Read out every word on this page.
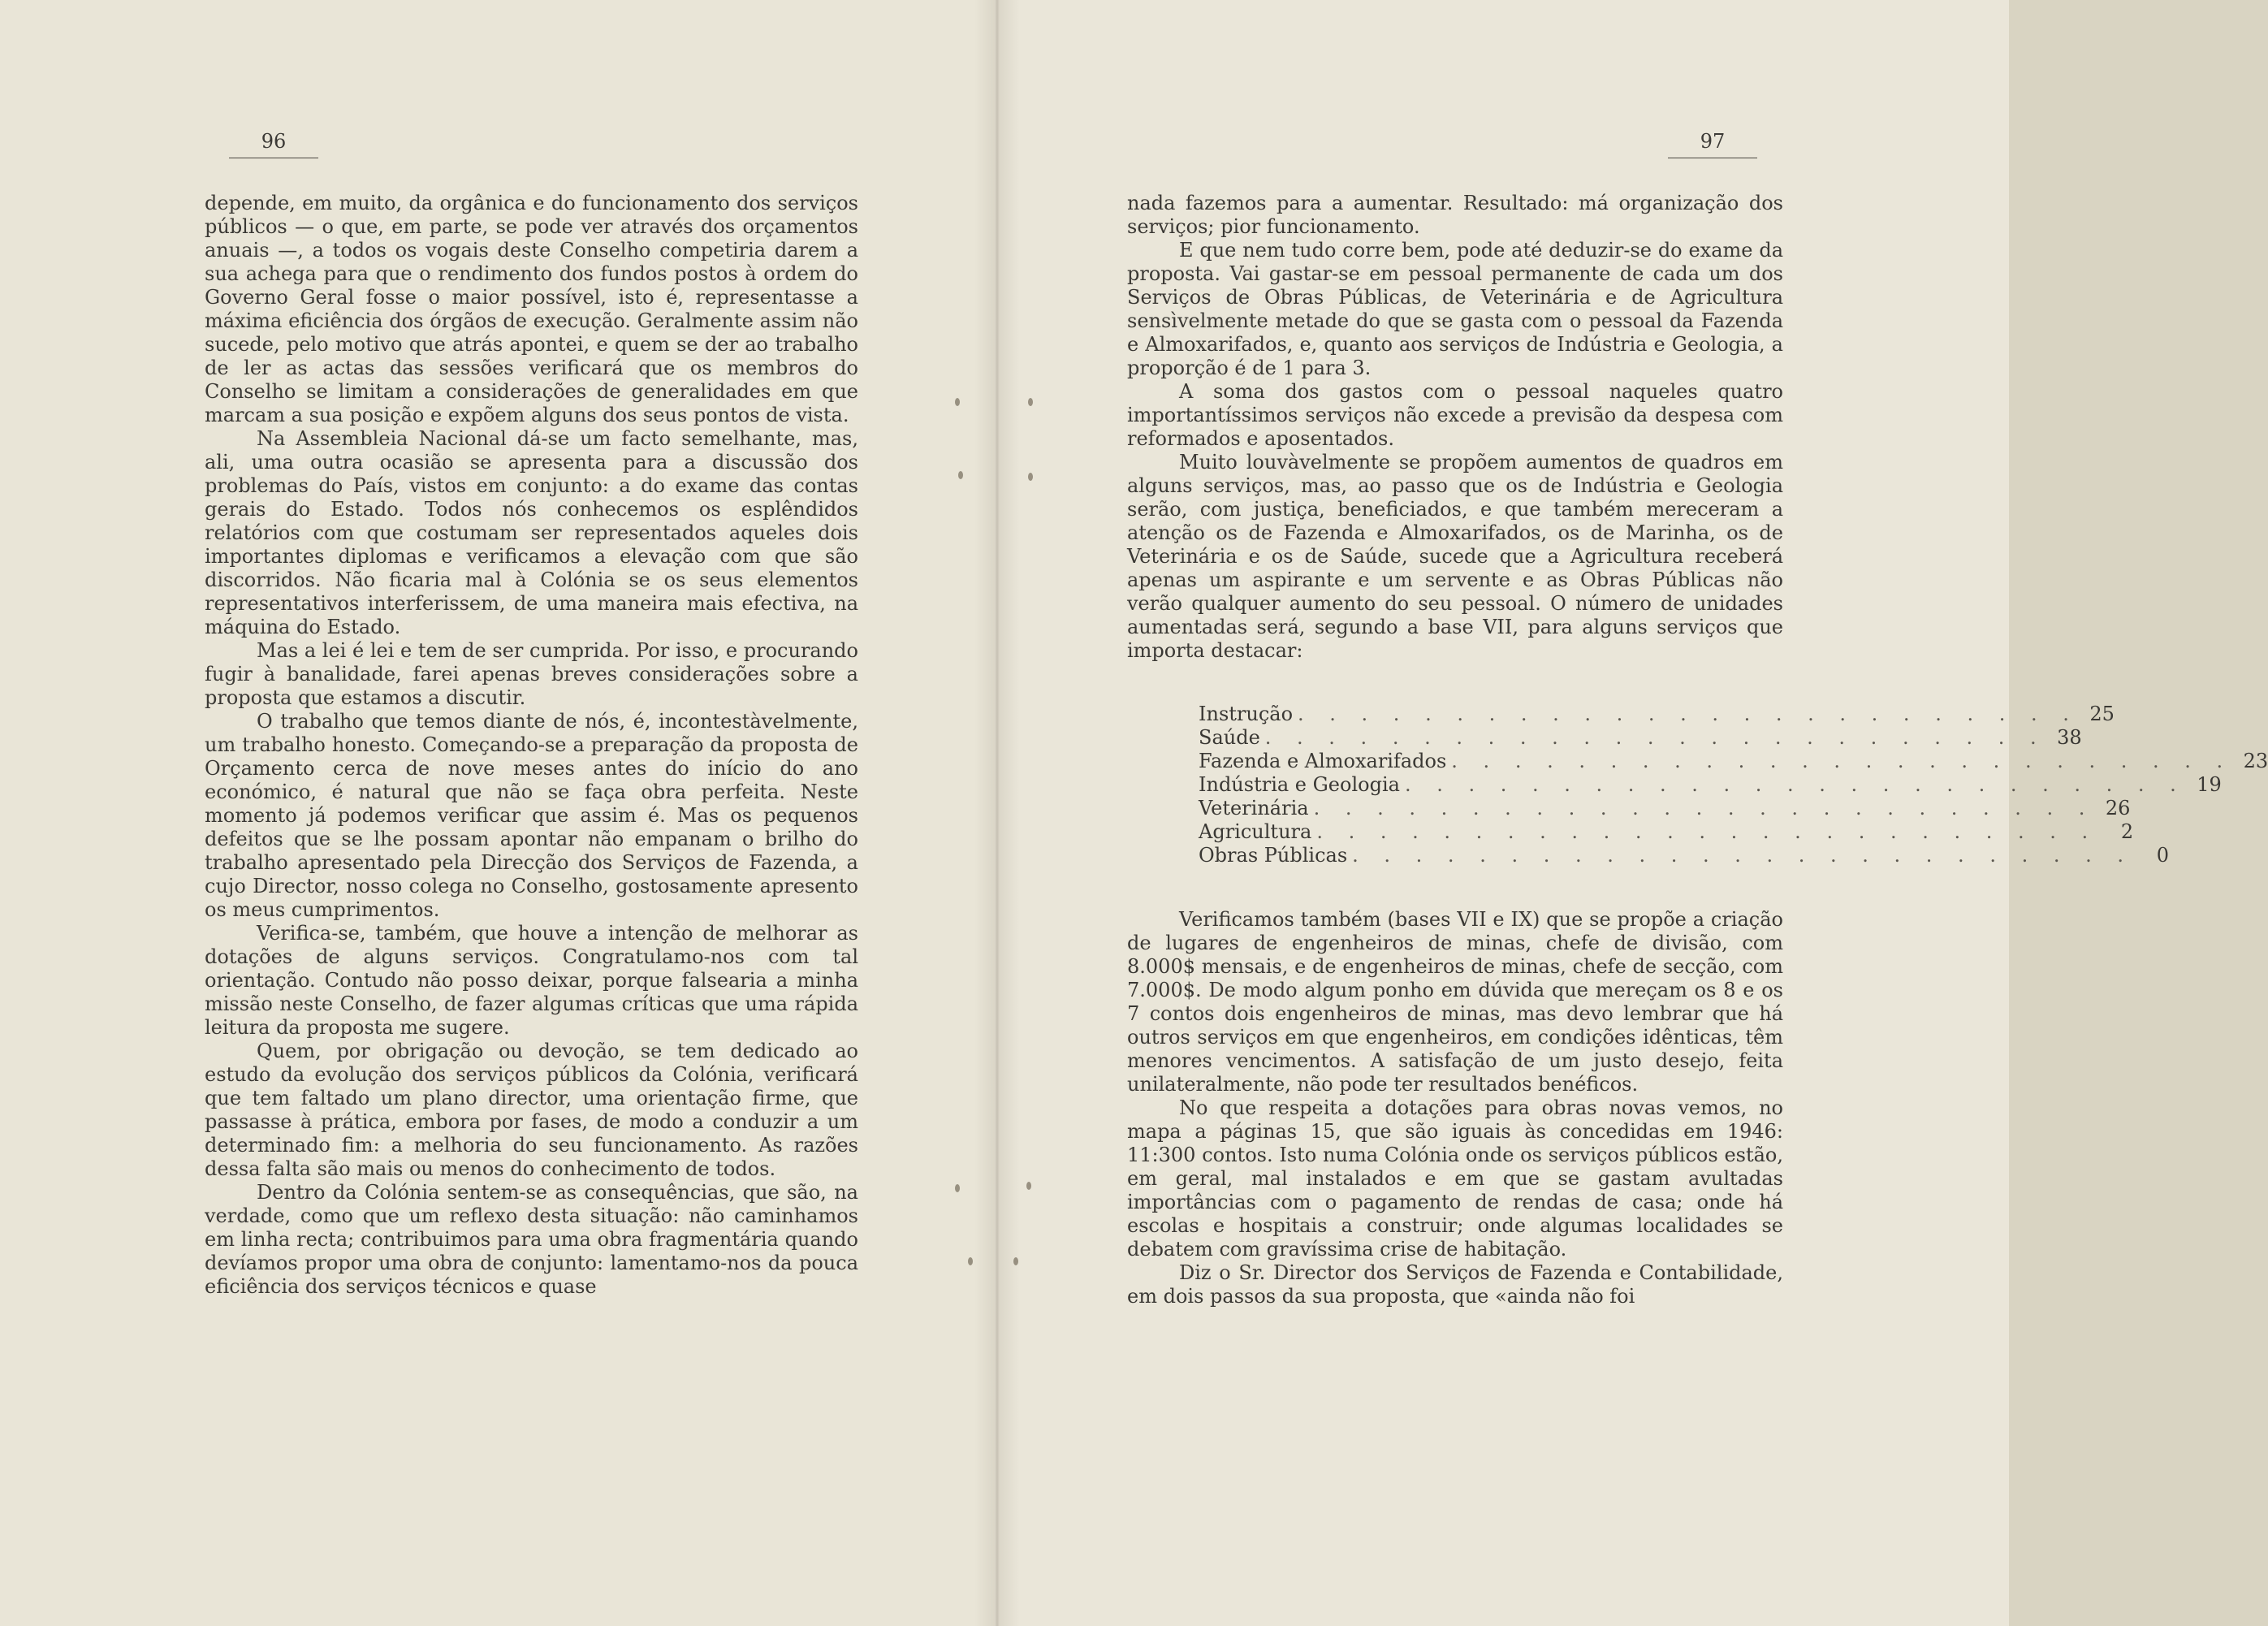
96

depende, em muito, da orgânica e do funcionamento dos serviços públicos — o que, em parte, se pode ver através dos orçamentos anuais —, a todos os vogais deste Conselho competiria darem a sua achega para que o rendimento dos fundos postos à ordem do Governo Geral fosse o maior possível, isto é, representasse a máxima eficiência dos órgãos de execução. Geralmente assim não sucede, pelo motivo que atrás apontei, e quem se der ao trabalho de ler as actas das sessões verificará que os membros do Conselho se limitam a considerações de generalidades em que marcam a sua posição e expõem alguns dos seus pontos de vista.

Na Assembleia Nacional dá-se um facto semelhante, mas, ali, uma outra ocasião se apresenta para a discussão dos problemas do País, vistos em conjunto: a do exame das contas gerais do Estado. Todos nós conhecemos os esplêndidos relatórios com que costumam ser representados aqueles dois importantes diplomas e verificamos a elevação com que são discorridos. Não ficaria mal à Colónia se os seus elementos representativos interferissem, de uma maneira mais efectiva, na máquina do Estado.

Mas a lei é lei e tem de ser cumprida. Por isso, e procurando fugir à banalidade, farei apenas breves considerações sobre a proposta que estamos a discutir.

O trabalho que temos diante de nós, é, incontestàvelmente, um trabalho honesto. Começando-se a preparação da proposta de Orçamento cerca de nove meses antes do início do ano económico, é natural que não se faça obra perfeita. Neste momento já podemos verificar que assim é. Mas os pequenos defeitos que se lhe possam apontar não empanam o brilho do trabalho apresentado pela Direcção dos Serviços de Fazenda, a cujo Director, nosso colega no Conselho, gostosamente apresento os meus cumprimentos.

Verifica-se, também, que houve a intenção de melhorar as dotações de alguns serviços. Congratulamo-nos com tal orientação. Contudo não posso deixar, porque falsearia a minha missão neste Conselho, de fazer algumas críticas que uma rápida leitura da proposta me sugere.

Quem, por obrigação ou devoção, se tem dedicado ao estudo da evolução dos serviços públicos da Colónia, verificará que tem faltado um plano director, uma orientação firme, que passasse à prática, embora por fases, de modo a conduzir a um determinado fim: a melhoria do seu funcionamento. As razões dessa falta são mais ou menos do conhecimento de todos.

Dentro da Colónia sentem-se as consequências, que são, na verdade, como que um reflexo desta situação: não caminhamos em linha recta; contribuimos para uma obra fragmentária quando devíamos propor uma obra de conjunto: lamentamo-nos da pouca eficiência dos serviços técnicos e quase

97

nada fazemos para a aumentar. Resultado: má organização dos serviços; pior funcionamento.

E que nem tudo corre bem, pode até deduzir-se do exame da proposta. Vai gastar-se em pessoal permanente de cada um dos Serviços de Obras Públicas, de Veterinária e de Agricultura sensìvelmente metade do que se gasta com o pessoal da Fazenda e Almoxarifados, e, quanto aos serviços de Indústria e Geologia, a proporção é de 1 para 3.

A soma dos gastos com o pessoal naqueles quatro importantíssimos serviços não excede a previsão da despesa com reformados e aposentados.

Muito louvàvelmente se propõem aumentos de quadros em alguns serviços, mas, ao passo que os de Indústria e Geologia serão, com justiça, beneficiados, e que também mereceram a atenção os de Fazenda e Almoxarifados, os de Marinha, os de Veterinária e os de Saúde, sucede que a Agricultura receberá apenas um aspirante e um servente e as Obras Públicas não verão qualquer aumento do seu pessoal. O número de unidades aumentadas será, segundo a base VII, para alguns serviços que importa destacar:

Instrução . . . . . . . . . . . . . . . . . . . . . . . . . 25
Saúde . . . . . . . . . . . . . . . . . . . . . . . . . 38
Fazenda e Almoxarifados . . . . . . . . . . . . . . . . . . . . . . . . . 23
Indústria e Geologia . . . . . . . . . . . . . . . . . . . . . . . . . 19
Veterinária . . . . . . . . . . . . . . . . . . . . . . . . . 26
Agricultura . . . . . . . . . . . . . . . . . . . . . . . . .	2
Obras Públicas . . . . . . . . . . . . . . . . . . . . . . . . .	0

Verificamos também (bases VII e IX) que se propõe a criação de lugares de engenheiros de minas, chefe de divisão, com 8.000$ mensais, e de engenheiros de minas, chefe de secção, com 7.000$. De modo algum ponho em dúvida que mereçam os 8 e os 7 contos dois engenheiros de minas, mas devo lembrar que há outros serviços em que engenheiros, em condições idênticas, têm menores vencimentos. A satisfação de um justo desejo, feita unilateralmente, não pode ter resultados benéficos.

No que respeita a dotações para obras novas vemos, no mapa a páginas 15, que são iguais às concedidas em 1946: 11:300 contos. Isto numa Colónia onde os serviços públicos estão, em geral, mal instalados e em que se gastam avultadas importâncias com o pagamento de rendas de casa; onde há escolas e hospitais a construir; onde algumas localidades se debatem com gravíssima crise de habitação.

Diz o Sr. Director dos Serviços de Fazenda e Contabilidade, em dois passos da sua proposta, que «ainda não foi
